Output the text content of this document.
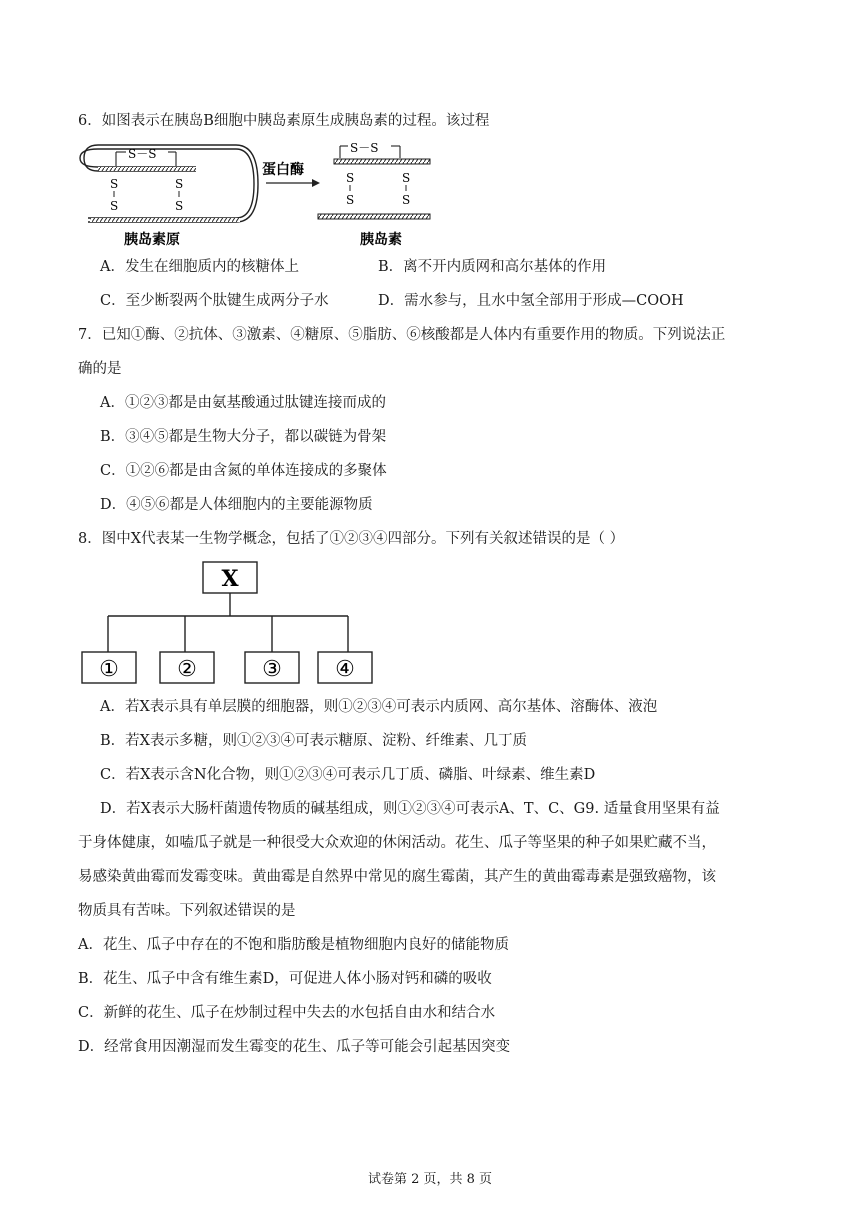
6．如图表示在胰岛B细胞中胰岛素原生成胰岛素的过程。该过程
S－S
S
S
S
S
胰岛素原
蛋白酶
S－S
S
S
S
S
胰岛素
A．发生在细胞质内的核糖体上	B．离不开内质网和高尔基体的作用
C．至少断裂两个肽键生成两分子水	D．需水参与，且水中氢全部用于形成—COOH
7．已知①酶、②抗体、③激素、④糖原、⑤脂肪、⑥核酸都是人体内有重要作用的物质。下列说法正
确的是
A．①②③都是由氨基酸通过肽键连接而成的
B．③④⑤都是生物大分子，都以碳链为骨架
C．①②⑥都是由含氮的单体连接成的多聚体
D．④⑤⑥都是人体细胞内的主要能源物质
8．图中X代表某一生物学概念，包括了①②③④四部分。下列有关叙述错误的是（ ）
X
①	②	③ ④
A．若X表示具有单层膜的细胞器，则①②③④可表示内质网、高尔基体、溶酶体、液泡
B．若X表示多糖，则①②③④可表示糖原、淀粉、纤维素、几丁质
C．若X表示含N化合物，则①②③④可表示几丁质、磷脂、叶绿素、维生素D
D．若X表示大肠杆菌遗传物质的碱基组成，则①②③④可表示A、T、C、G9. 适量食用坚果有益
于身体健康，如嗑瓜子就是一种很受大众欢迎的休闲活动。花生、瓜子等坚果的种子如果贮藏不当，
易感染黄曲霉而发霉变味。黄曲霉是自然界中常见的腐生霉菌，其产生的黄曲霉毒素是强致癌物，该
物质具有苦味。下列叙述错误的是
A．花生、瓜子中存在的不饱和脂肪酸是植物细胞内良好的储能物质
B．花生、瓜子中含有维生素D，可促进人体小肠对钙和磷的吸收
C．新鲜的花生、瓜子在炒制过程中失去的水包括自由水和结合水
D．经常食用因潮湿而发生霉变的花生、瓜子等可能会引起基因突变
试卷第 2 页，共 8 页
